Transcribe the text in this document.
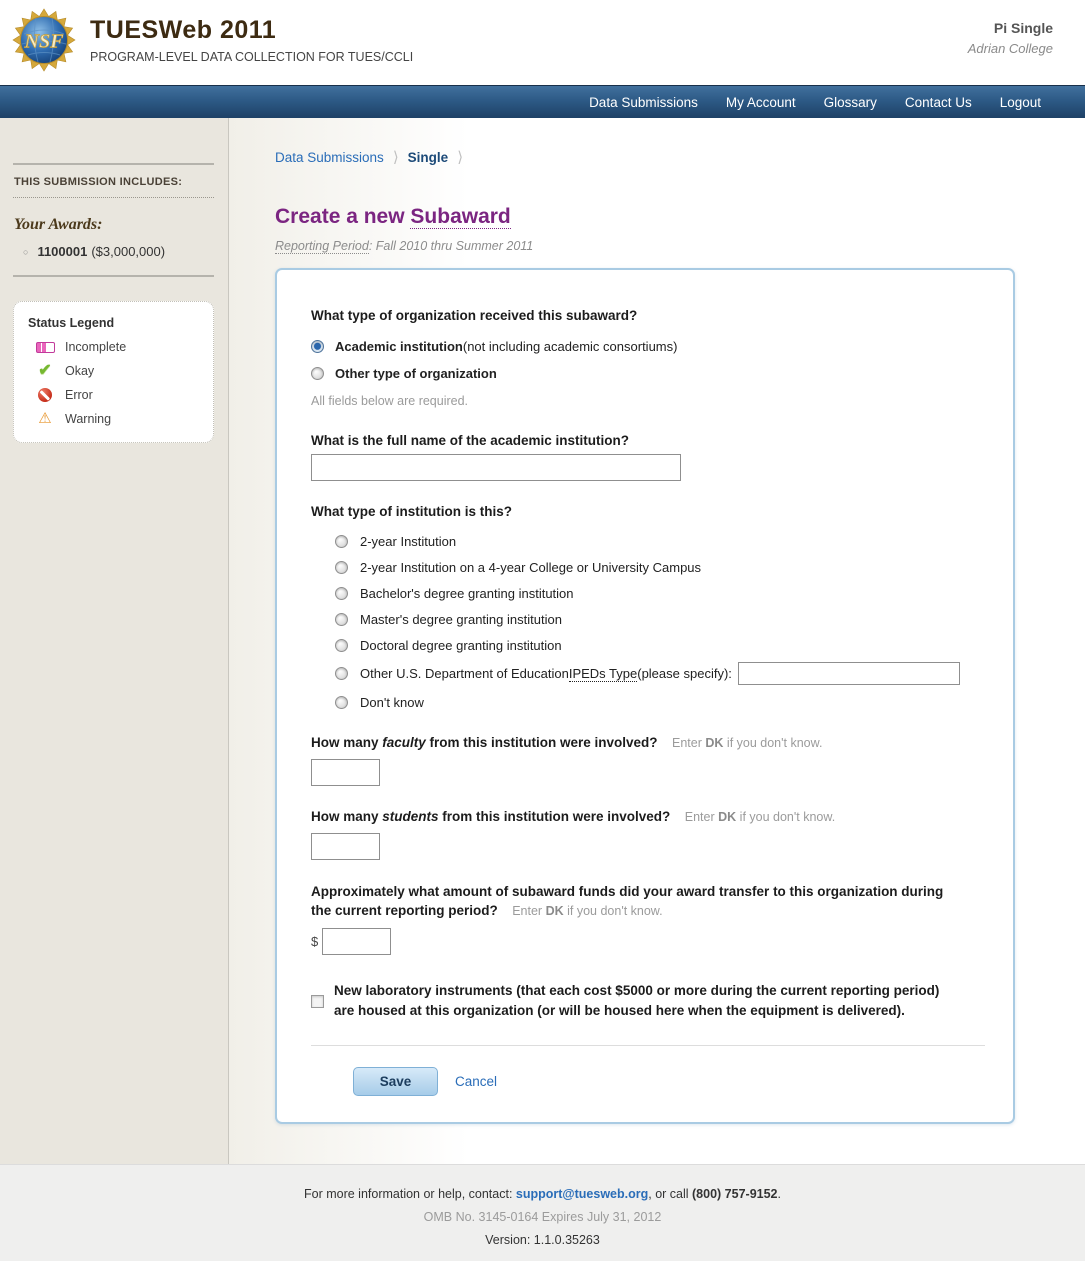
NSF TUESWeb 2011
PROGRAM-LEVEL DATA COLLECTION FOR TUES/CCLI
Pi Single
Adrian College
Data Submissions	My Account	Glossary	Contact Us	Logout
THIS SUBMISSION INCLUDES:
Your Awards:
○ 1100001 ($3,000,000)
Status Legend
Incomplete
✔	Okay
Error
⚠	Warning
Data Submissions ⟩ Single ⟩
Create a new Subaward
Reporting Period: Fall 2010 thru Summer 2011
What type of organization received this subaward?
Academic institution (not including academic consortiums)
Other type of organization
All fields below are required.
What is the full name of the academic institution?
What type of institution is this?
2-year Institution
2-year Institution on a 4-year College or University Campus
Bachelor's degree granting institution
Master's degree granting institution
Doctoral degree granting institution
Other U.S. Department of Education IPEDs Type (please specify):
Don't know
How many faculty from this institution were involved? Enter DK if you don't know.
How many students from this institution were involved? Enter DK if you don't know.
Approximately what amount of subaward funds did your award transfer to this organization during the current reporting period? Enter DK if you don't know.
$
New laboratory instruments (that each cost $5000 or more during the current reporting period) are housed at this organization (or will be housed here when the equipment is delivered).
Save	Cancel
For more information or help, contact: support@tuesweb.org, or call (800) 757-9152.
OMB No. 3145-0164 Expires July 31, 2012
Version: 1.1.0.35263
